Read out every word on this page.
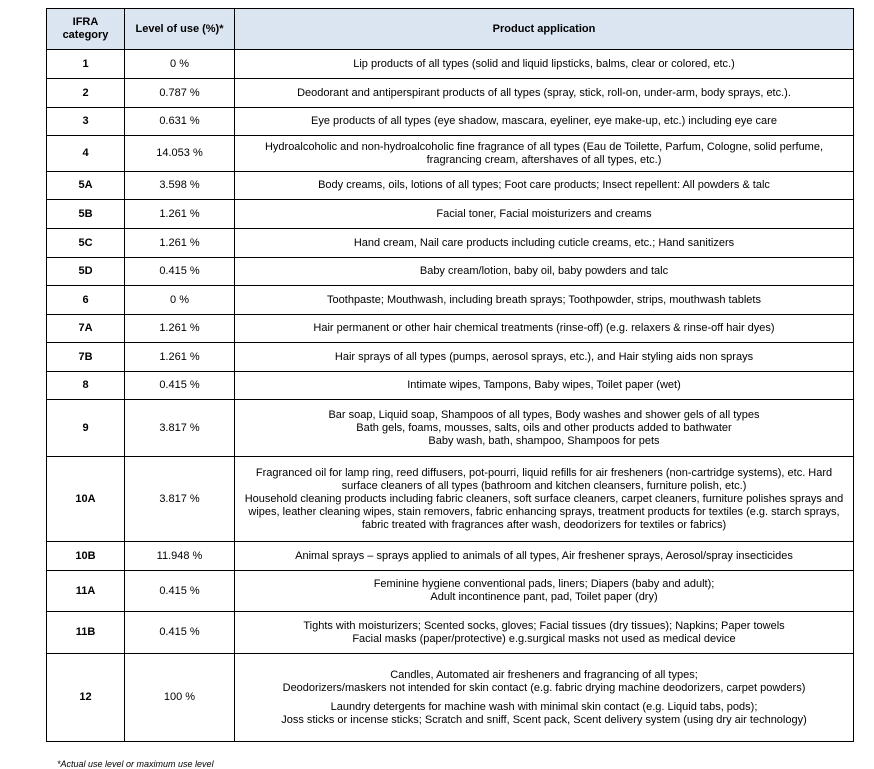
IFRA category	Level of use (%)*	Product application
1	0 %	Lip products of all types (solid and liquid lipsticks, balms, clear or colored, etc.)

2	0.787 %	Deodorant and antiperspirant products of all types (spray, stick, roll-on, under-arm, body sprays, etc.).

3	0.631 %	Eye products of all types (eye shadow, mascara, eyeliner, eye make-up, etc.) including eye care

4	14.053 %	Hydroalcoholic and non-hydroalcoholic fine fragrance of all types (Eau de Toilette, Parfum, Cologne, solid perfume, fragrancing cream, aftershaves of all types, etc.)

5A	3.598 %	Body creams, oils, lotions of all types; Foot care products; Insect repellent: All powders & talc

5B	1.261 %	Facial toner, Facial moisturizers and creams

5C	1.261 %	Hand cream, Nail care products including cuticle creams, etc.; Hand sanitizers

5D	0.415 %	Baby cream/lotion, baby oil, baby powders and talc

6	0 %	Toothpaste; Mouthwash, including breath sprays; Toothpowder, strips, mouthwash tablets

7A	1.261 %	Hair permanent or other hair chemical treatments (rinse-off) (e.g. relaxers & rinse-off hair dyes)

7B	1.261 %	Hair sprays of all types (pumps, aerosol sprays, etc.), and Hair styling aids non sprays

8	0.415 %	Intimate wipes, Tampons, Baby wipes, Toilet paper (wet)

9	3.817 %	Bar soap, Liquid soap, Shampoos of all types, Body washes and shower gels of all types
Bath gels, foams, mousses, salts, oils and other products added to bathwater
Baby wash, bath, shampoo, Shampoos for pets

10A	3.817 %	Fragranced oil for lamp ring, reed diffusers, pot-pourri, liquid refills for air fresheners (non-cartridge systems), etc. Hard surface cleaners of all types (bathroom and kitchen cleansers, furniture polish, etc.)
Household cleaning products including fabric cleaners, soft surface cleaners, carpet cleaners, furniture polishes sprays and wipes, leather cleaning wipes, stain removers, fabric enhancing sprays, treatment products for textiles (e.g. starch sprays, fabric treated with fragrances after wash, deodorizers for textiles or fabrics)

10B	11.948 %	Animal sprays – sprays applied to animals of all types, Air freshener sprays, Aerosol/spray insecticides

11A	0.415 %	Feminine hygiene conventional pads, liners; Diapers (baby and adult);
Adult incontinence pant, pad, Toilet paper (dry)

11B	0.415 %	Tights with moisturizers; Scented socks, gloves; Facial tissues (dry tissues); Napkins; Paper towels
Facial masks (paper/protective) e.g.surgical masks not used as medical device

12	100 %	Candles, Automated air fresheners and fragrancing of all types;
Deodorizers/maskers not intended for skin contact (e.g. fabric drying machine deodorizers, carpet powders)
Laundry detergents for machine wash with minimal skin contact (e.g. Liquid tabs, pods);
Joss sticks or incense sticks; Scratch and sniff, Scent pack, Scent delivery system (using dry air technology)
*Actual use level or maximum use level
